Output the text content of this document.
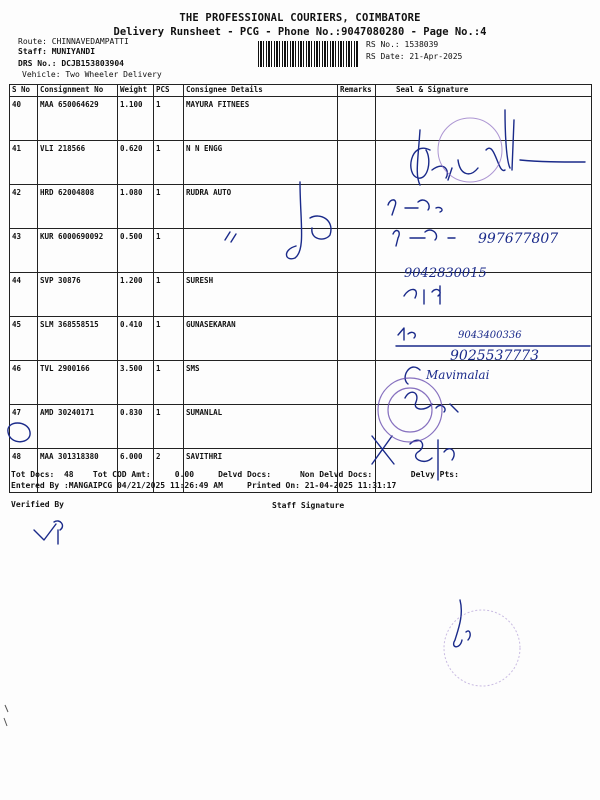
THE PROFESSIONAL COURIERS, COIMBATORE
Delivery Runsheet - PCG - Phone No.:9047080280 - Page No.:4
Route: CHINNAVEDAMPATTI
Staff: MUNIYANDI
DRS No.: DCJB153803904
Vehicle: Two Wheeler Delivery
RS No.: 1538039
RS Date: 21-Apr-2025
S No	Consignment No	Weight	PCS	Consignee Details	Remarks	Seal & Signature
40	MAA 650064629	1.100	1	MAYURA FITNEES		
41	VLI 218566	0.620	1	N N ENGG		
42	HRD 62004808	1.080	1	RUDRA AUTO		
43	KUR 6000690092	0.500	1			
44	SVP 30876	1.200	1	SURESH		
45	SLM 368558515	0.410	1	GUNASEKARAN		
46	TVL 2900166	3.500	1	SMS		
47	AMD 30240171	0.830	1	SUMANLAL		
48	MAA 301318380	6.000	2	SAVITHRI		
Tot Docs:  48    Tot COD Amt:     0.00     Delvd Docs:      Non Delvd Docs:        Delvy Pts:
Entered By :MANGAIPCG 04/21/2025 11:26:49 AM     Printed On: 21-04-2025 11:31:17
Verified By	Staff Signature
997677807
9042830015
9043400336
9025537773
Mavimalai
